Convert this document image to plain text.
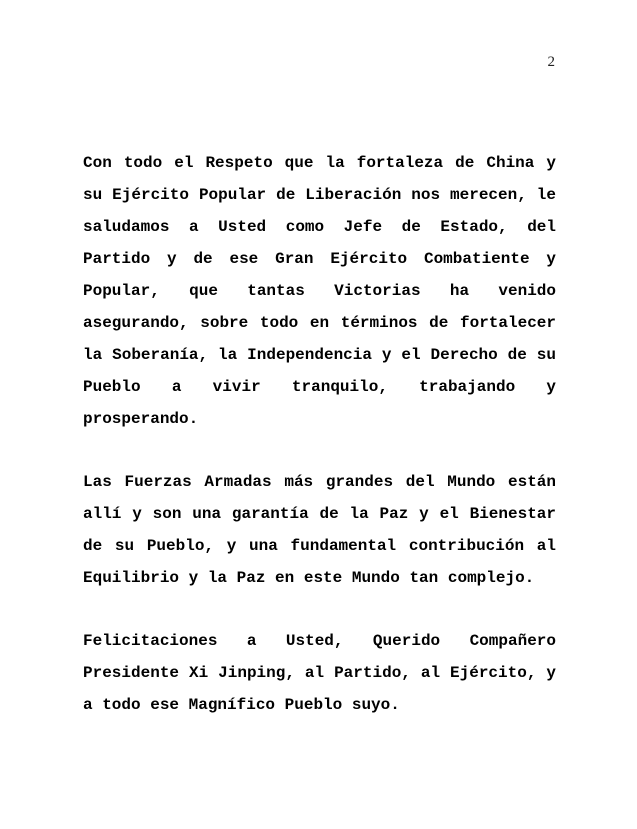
2

Con todo el Respeto que la fortaleza de China y su Ejército Popular de Liberación nos merecen, le saludamos a Usted como Jefe de Estado, del Partido y de ese Gran Ejército Combatiente y Popular, que tantas Victorias ha venido asegurando, sobre todo en términos de fortalecer la Soberanía, la Independencia y el Derecho de su Pueblo a vivir tranquilo, trabajando y prosperando.

Las Fuerzas Armadas más grandes del Mundo están allí y son una garantía de la Paz y el Bienestar de su Pueblo, y una fundamental contribución al Equilibrio y la Paz en este Mundo tan complejo.

Felicitaciones a Usted, Querido Compañero Presidente Xi Jinping, al Partido, al Ejército, y a todo ese Magnífico Pueblo suyo.
